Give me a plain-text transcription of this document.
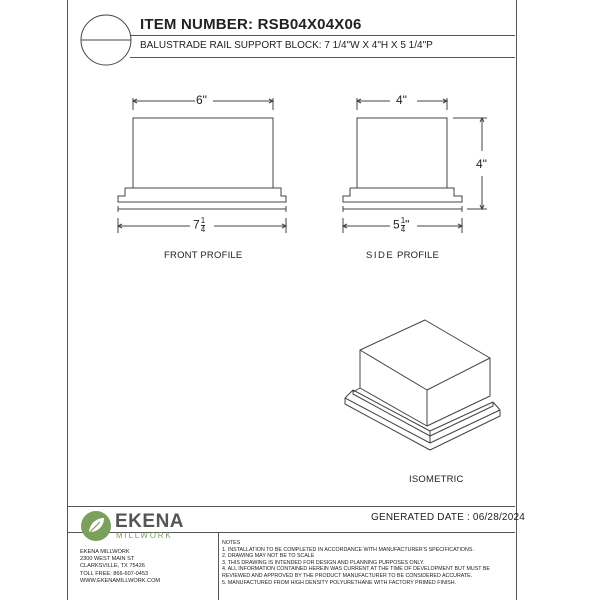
ITEM NUMBER: RSB04X04X06
BALUSTRADE RAIL SUPPORT BLOCK: 7 1/4"W X 4"H X 5 1/4"P
6"
$7 \frac{1}{4}$
FRONT PROFILE
4"
4"
$5 \frac{1}{4}$ "
SIDE PROFILE
ISOMETRIC
GENERATED DATE : 06/28/2024
EKENA
MILLWORK
EKENA MILLWORK
2300 WEST MAIN ST
CLARKSVILLE, TX 75426
TOLL FREE: 866-607-0453
WWW.EKENAMILLWORK.COM
NOTES
1. INSTALLATION TO BE COMPLETED IN ACCORDANCE WITH MANUFACTURER'S SPECIFICATIONS.
2. DRAWING MAY NOT BE TO SCALE
3. THIS DRAWING IS INTENDED FOR DESIGN AND PLANNING PURPOSES ONLY.
4. ALL INFORMATION CONTAINED HEREIN WAS CURRENT AT THE TIME OF DEVELOPMENT BUT MUST BE
REVIEWED AND APPROVED BY THE PRODUCT MANUFACTURER TO BE CONSIDERED ACCURATE.
5. MANUFACTURED FROM HIGH DENSITY POLYURETHANE WITH FACTORY PRIMED FINISH.
